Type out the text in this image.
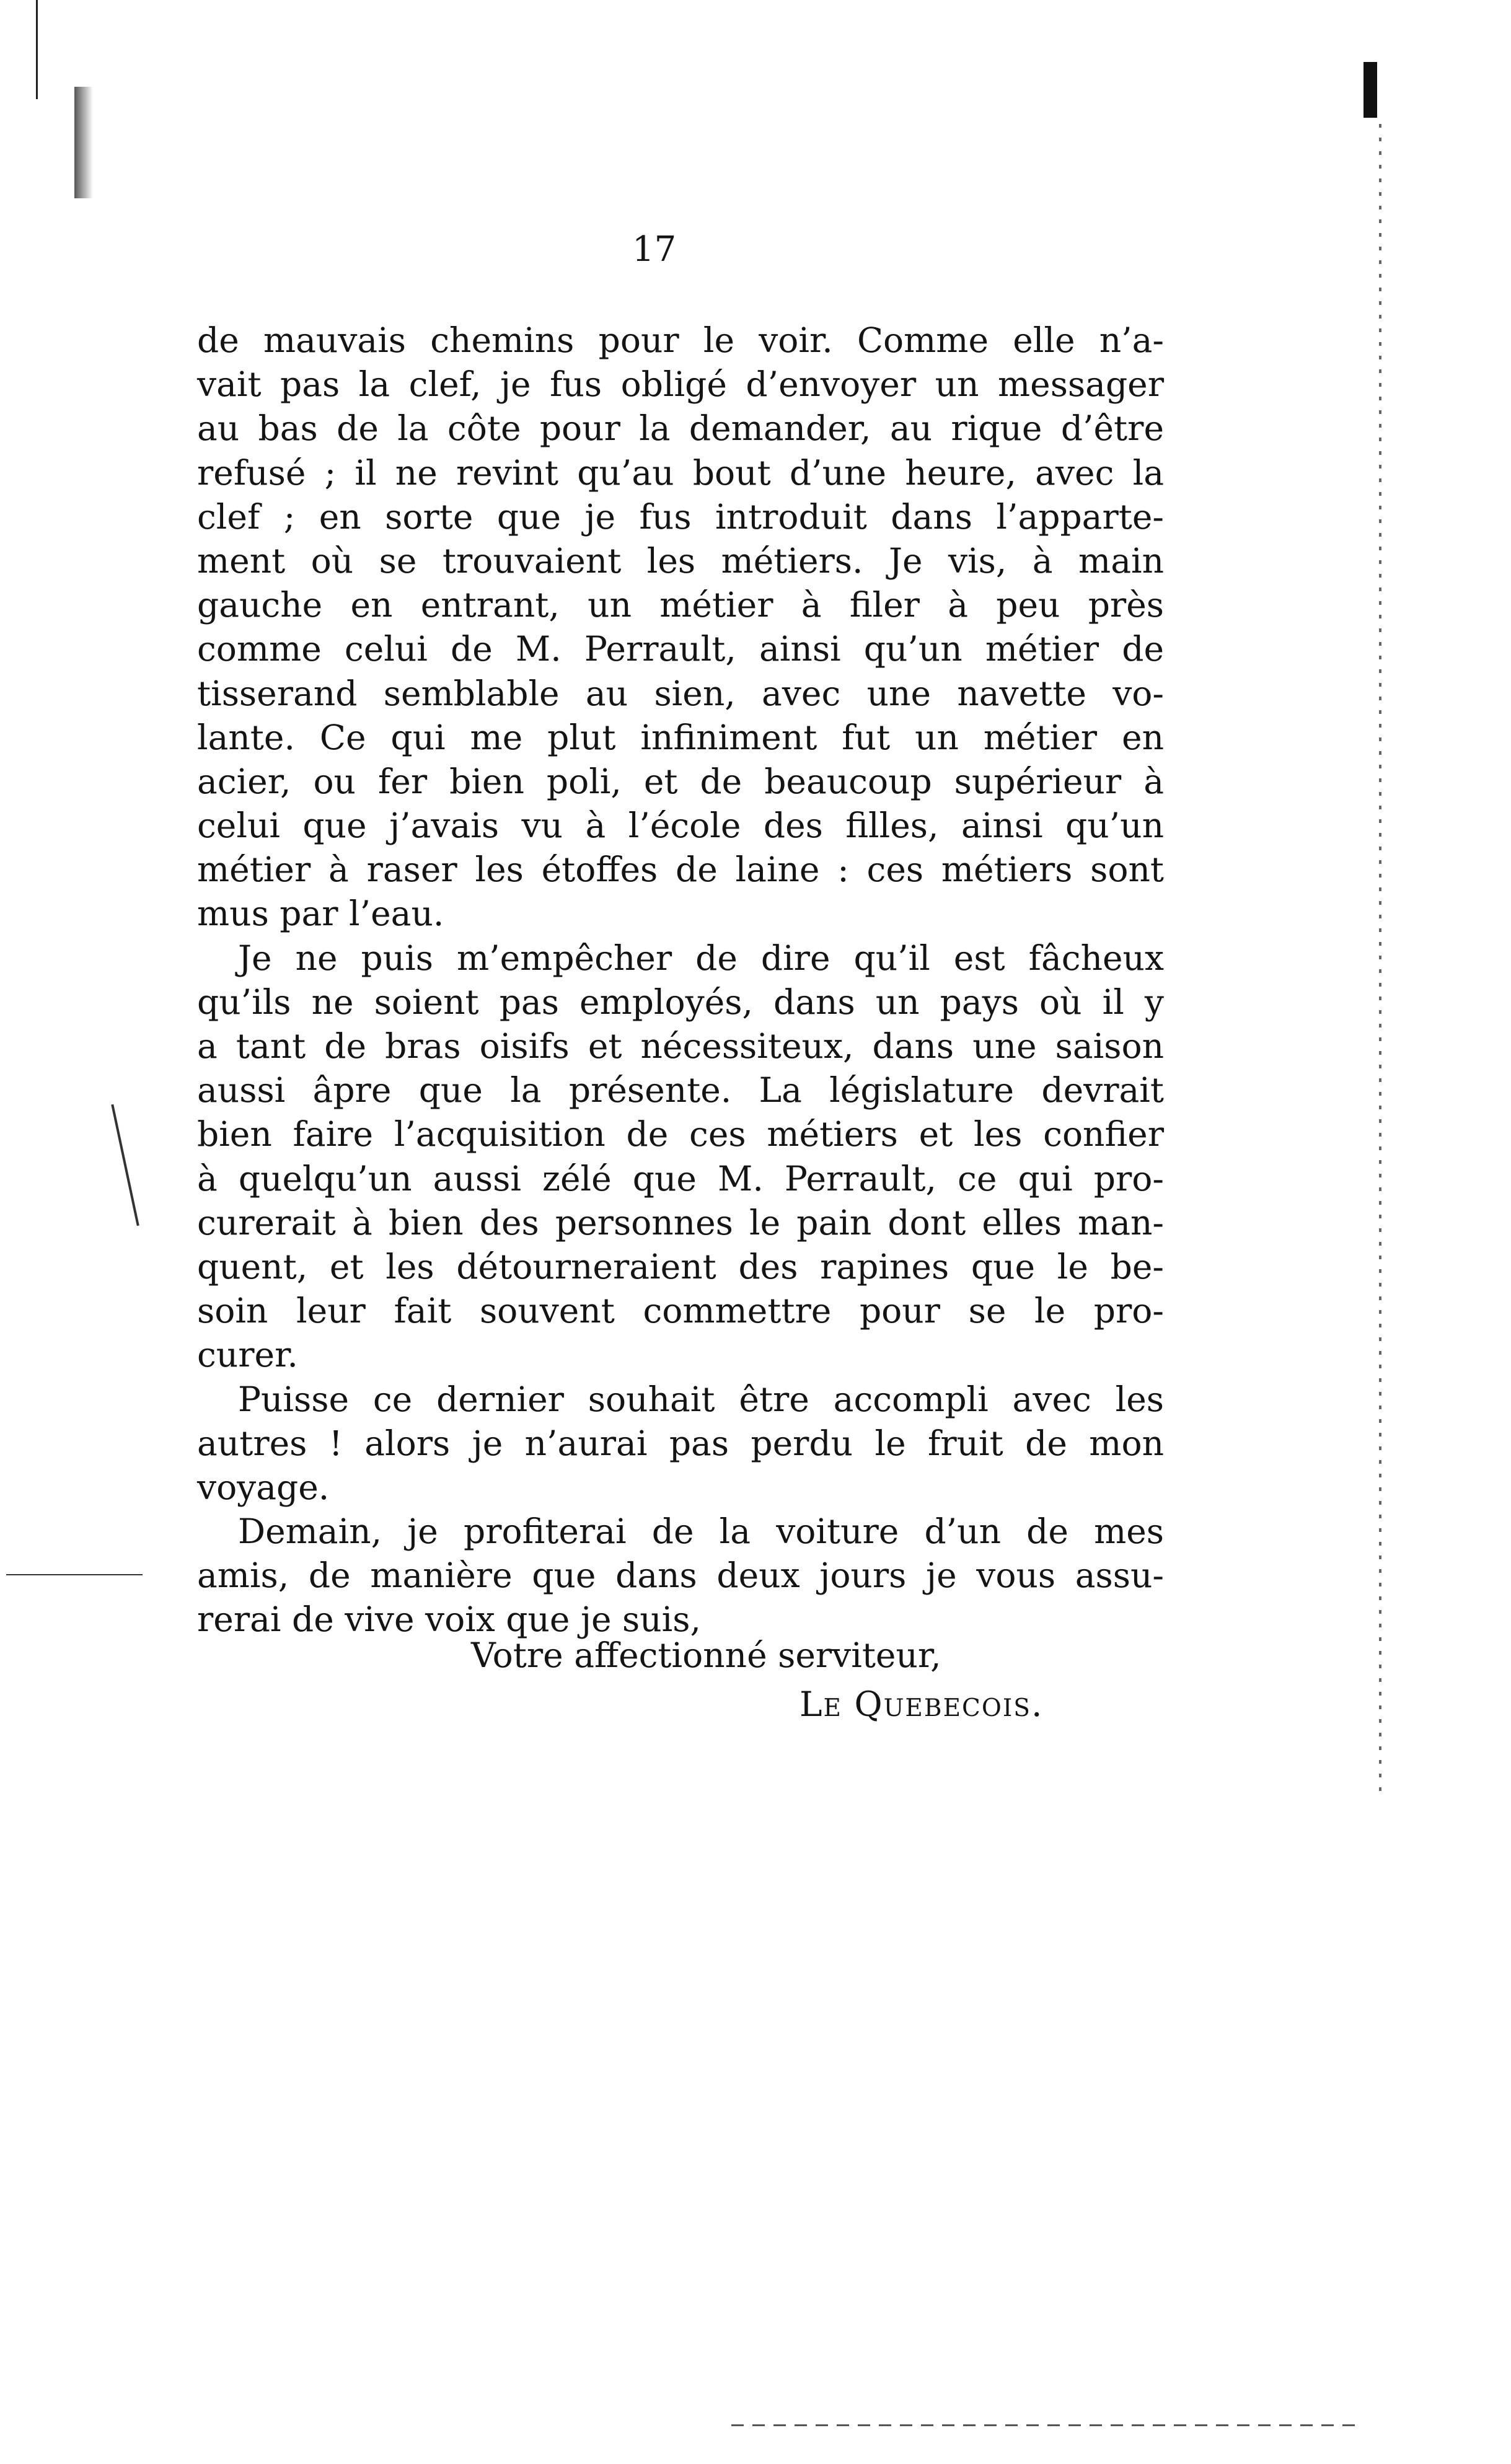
17
de mauvais chemins pour le voir. Comme elle n’a-
vait pas la clef, je fus obligé d’envoyer un messager
au bas de la côte pour la demander, au rique d’être
refusé ; il ne revint qu’au bout d’une heure, avec la
clef ; en sorte que je fus introduit dans l’apparte-
ment où se trouvaient les métiers. Je vis, à main
gauche en entrant, un métier à filer à peu près
comme celui de M. Perrault, ainsi qu’un métier de
tisserand semblable au sien, avec une navette vo-
lante. Ce qui me plut infiniment fut un métier en
acier, ou fer bien poli, et de beaucoup supérieur à
celui que j’avais vu à l’école des filles, ainsi qu’un
métier à raser les étoffes de laine : ces métiers sont
mus par l’eau.
Je ne puis m’empêcher de dire qu’il est fâcheux
qu’ils ne soient pas employés, dans un pays où il y
a tant de bras oisifs et nécessiteux, dans une saison
aussi âpre que la présente. La législature devrait
bien faire l’acquisition de ces métiers et les confier
à quelqu’un aussi zélé que M. Perrault, ce qui pro-
curerait à bien des personnes le pain dont elles man-
quent, et les détourneraient des rapines que le be-
soin leur fait souvent commettre pour se le pro-
curer.
Puisse ce dernier souhait être accompli avec les
autres ! alors je n’aurai pas perdu le fruit de mon
voyage.
Demain, je profiterai de la voiture d’un de mes
amis, de manière que dans deux jours je vous assu-
rerai de vive voix que je suis,
Votre affectionné serviteur,
Le Quebecois.
